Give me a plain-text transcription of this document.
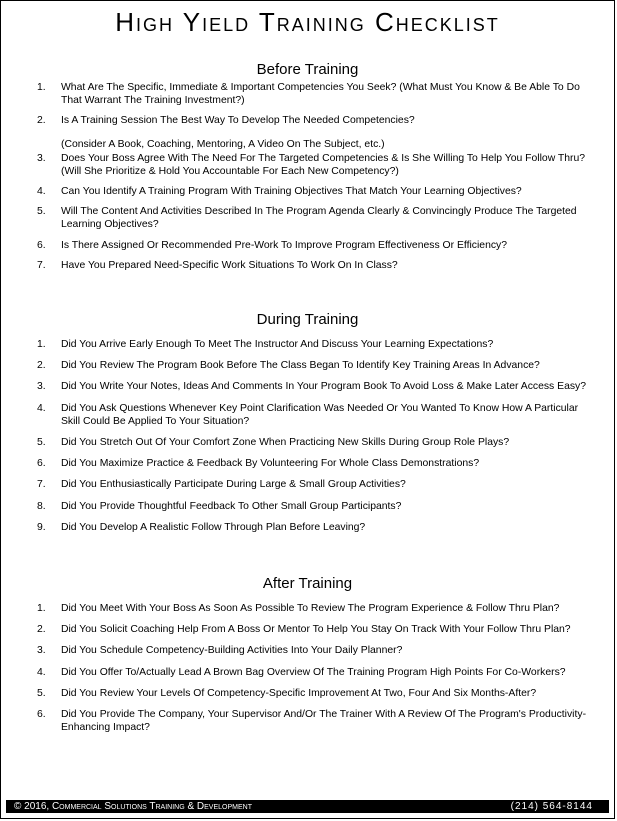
High Yield Training Checklist
Before Training
1. What Are The Specific, Immediate & Important Competencies You Seek? (What Must You Know & Be Able To Do That Warrant The Training Investment?)
2. Is A Training Session The Best Way To Develop The Needed Competencies?
3. Does Your Boss Agree With The Need For The Targeted Competencies & Is She Willing To Help You Follow Thru? (Will She Prioritize & Hold You Accountable For Each New Competency?)
4. Can You Identify A Training Program With Training Objectives That Match Your Learning Objectives?
5. Will The Content And Activities Described In The Program Agenda Clearly & Convincingly Produce The Targeted Learning Objectives?
6. Is There Assigned Or Recommended Pre-Work To Improve Program Effectiveness Or Efficiency?
7. Have You Prepared Need-Specific Work Situations To Work On In Class?
(Consider A Book, Coaching, Mentoring, A Video On The Subject, etc.)
During Training
1. Did You Arrive Early Enough To Meet The Instructor And Discuss Your Learning Expectations?
2. Did You Review The Program Book Before The Class Began To Identify Key Training Areas In Advance?
3. Did You Write Your Notes, Ideas And Comments In Your Program Book To Avoid Loss & Make Later Access Easy?
4. Did You Ask Questions Whenever Key Point Clarification Was Needed Or You Wanted To Know How A Particular Skill Could Be Applied To Your Situation?
5. Did You Stretch Out Of Your Comfort Zone When Practicing New Skills During Group Role Plays?
6. Did You Maximize Practice & Feedback By Volunteering For Whole Class Demonstrations?
7. Did You Enthusiastically Participate During Large & Small Group Activities?
8. Did You Provide Thoughtful Feedback To Other Small Group Participants?
9. Did You Develop A Realistic Follow Through Plan Before Leaving?
After Training
1. Did You Meet With Your Boss As Soon As Possible To Review The Program Experience & Follow Thru Plan?
2. Did You Solicit Coaching Help From A Boss Or Mentor To Help You Stay On Track With Your Follow Thru Plan?
3. Did You Schedule Competency-Building Activities Into Your Daily Planner?
4. Did You Offer To/Actually Lead A Brown Bag Overview Of The Training Program High Points For Co-Workers?
5. Did You Review Your Levels Of Competency-Specific Improvement At Two, Four And Six Months-After?
6. Did You Provide The Company, Your Supervisor And/Or The Trainer With A Review Of The Program's Productivity- Enhancing Impact?
© 2016, Commercial Solutions Training & Development	(214) 564-8144
